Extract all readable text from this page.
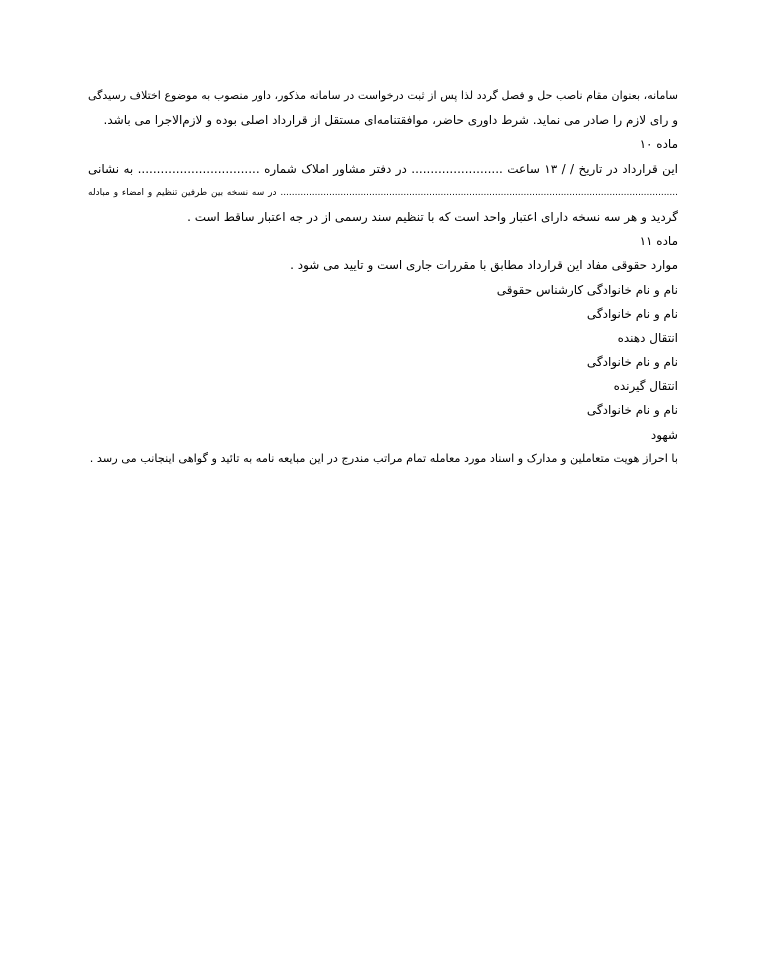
سامانه، بعنوان مقام ناصب حل و فصل گردد لذا پس از ثبت درخواست در سامانه مذکور، داور منصوب به موضوع اختلاف رسیدگی
و رای لازم را صادر می نماید. شرط داوری حاضر، موافقتنامه‌ای مستقل از قرارداد اصلی بوده و لازم‌الاجرا می باشد.
ماده ۱۰
این قرارداد در تاریخ / / ۱۳ ساعت ........................ در دفتر مشاور املاک شماره ................................ به نشانی
........................................................................................................................................... در سه نسخه بین طرفین تنظیم و امضاء و مبادله
گردید و هر سه نسخه دارای اعتبار واحد است که با تنظیم سند رسمی از در جه اعتبار ساقط است .
ماده ۱۱
موارد حقوقی مفاد این قرارداد مطابق با مقررات جاری است و تایید می شود .
نام و نام خانوادگی کارشناس حقوقی
نام و نام خانوادگی
انتقال دهنده
نام و نام خانوادگی
انتقال گیرنده
نام و نام خانوادگی
شهود
با احراز هویت متعاملین و مدارک و اسناد مورد معامله تمام مراتب مندرج در این مبایعه نامه به تائید و گواهی اینجانب می رسد .
